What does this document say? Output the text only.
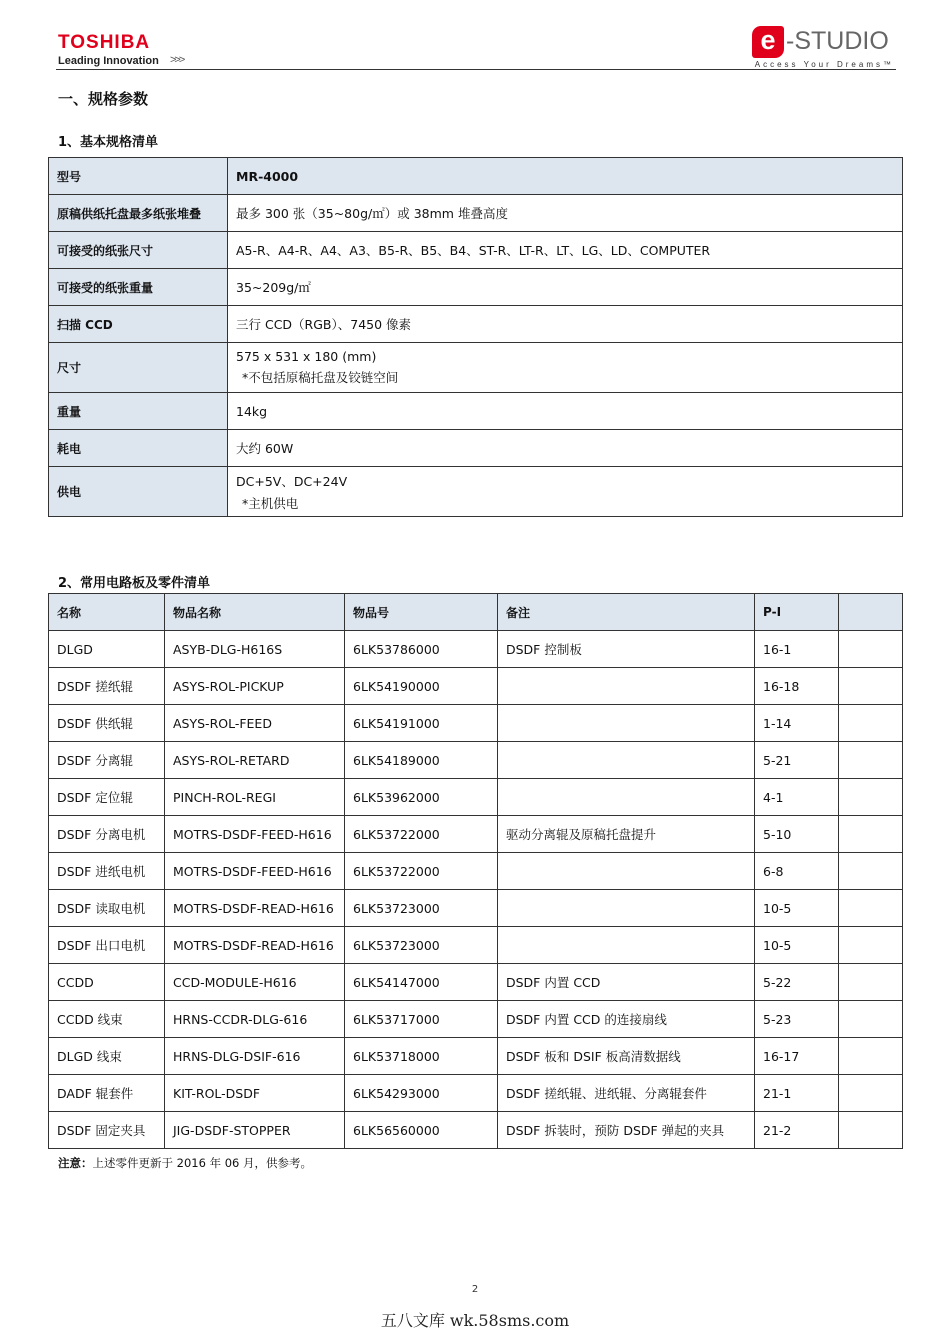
TOSHIBA
Leading Innovation >>>
e -STUDIO
Access Your Dreams™
一、规格参数
1、基本规格清单
型号	MR-4000
原稿供纸托盘最多纸张堆叠	最多 300 张（35~80g/㎡）或 38mm 堆叠高度
可接受的纸张尺寸	A5-R、A4-R、A4、A3、B5-R、B5、B4、ST-R、LT-R、LT、LG、LD、COMPUTER
可接受的纸张重量	35~209g/㎡
扫描 CCD	三行 CCD（RGB）、7450 像素
尺寸	575 x 531 x 180 (mm)
*不包括原稿托盘及铰链空间

重量	14kg
耗电	大约 60W
供电	DC+5V、DC+24V
*主机供电
2、常用电路板及零件清单
名称	物品名称	物品号	备注	P-I	
DLGD	ASYB-DLG-H616S	6LK53786000	DSDF 控制板	16-1	
DSDF 搓纸辊	ASYS-ROL-PICKUP	6LK54190000		16-18	
DSDF 供纸辊	ASYS-ROL-FEED	6LK54191000		1-14	
DSDF 分离辊	ASYS-ROL-RETARD	6LK54189000		5-21	
DSDF 定位辊	PINCH-ROL-REGI	6LK53962000		4-1	
DSDF 分离电机	MOTRS-DSDF-FEED-H616	6LK53722000	驱动分离辊及原稿托盘提升	5-10	
DSDF 进纸电机	MOTRS-DSDF-FEED-H616	6LK53722000		6-8	
DSDF 读取电机	MOTRS-DSDF-READ-H616	6LK53723000		10-5	
DSDF 出口电机	MOTRS-DSDF-READ-H616	6LK53723000		10-5	
CCDD	CCD-MODULE-H616	6LK54147000	DSDF 内置 CCD	5-22	
CCDD 线束	HRNS-CCDR-DLG-616	6LK53717000	DSDF 内置 CCD 的连接扇线	5-23	
DLGD 线束	HRNS-DLG-DSIF-616	6LK53718000	DSDF 板和 DSIF 板高清数据线	16-17	
DADF 辊套件	KIT-ROL-DSDF	6LK54293000	DSDF 搓纸辊、进纸辊、分离辊套件	21-1	
DSDF 固定夹具	JIG-DSDF-STOPPER	6LK56560000	DSDF 拆装时，预防 DSDF 弹起的夹具	21-2	
注意：上述零件更新于 2016 年 06 月，供参考。
2
五八文库 wk.58sms.com
